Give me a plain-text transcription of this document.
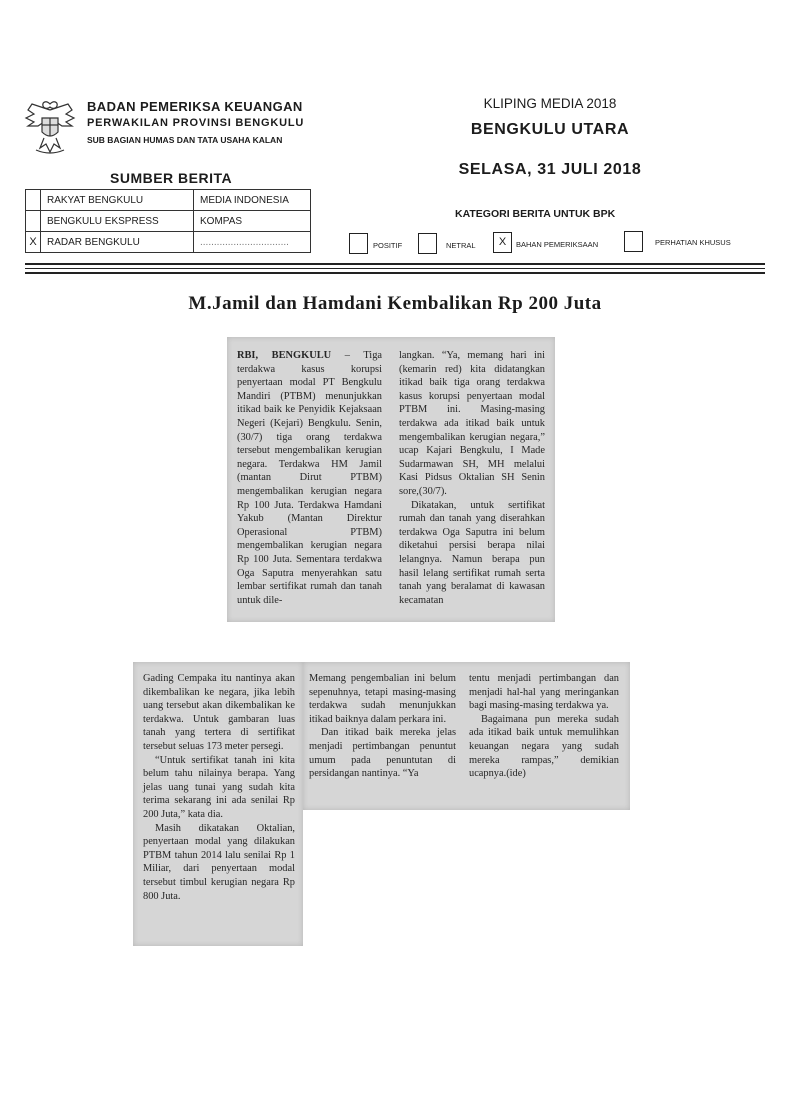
BADAN PEMERIKSA KEUANGAN
PERWAKILAN PROVINSI BENGKULU
SUB BAGIAN HUMAS DAN TATA USAHA KALAN
KLIPING MEDIA 2018
BENGKULU UTARA
SELASA, 31 JULI 2018
SUMBER BERITA
	RAKYAT BENGKULU	MEDIA INDONESIA
	BENGKULU EKSPRESS	KOMPAS
X	RADAR BENGKULU	................................
KATEGORI BERITA UNTUK BPK
POSITIF	NETRAL	X	BAHAN PEMERIKSAAN	PERHATIAN KHUSUS
M.Jamil dan Hamdani Kembalikan Rp 200 Juta

RBI, BENGKULU – Tiga terdakwa kasus korupsi penyertaan modal PT Bengkulu Mandiri (PTBM) menunjukkan itikad baik ke Penyidik Kejaksaan Negeri (Kejari) Bengkulu. Senin, (30/7) tiga orang terdakwa tersebut mengembalikan kerugian negara. Terdakwa HM Jamil (mantan Dirut PTBM) mengembalikan kerugian negara Rp 100 Juta. Terdakwa Hamdani Yakub (Mantan Direktur Operasional PTBM) mengembalikan kerugian negara Rp 100 Juta. Sementara terdakwa Oga Saputra menyerahkan satu lembar sertifikat rumah dan tanah untuk dile-

langkan. “Ya, memang hari ini (kemarin red) kita didatangkan itikad baik tiga orang terdakwa kasus korupsi penyertaan modal PTBM ini. Masing-masing terdakwa ada itikad baik untuk mengembalikan kerugian negara,” ucap Kajari Bengkulu, I Made Sudarmawan SH, MH melalui Kasi Pidsus Oktalian SH Senin sore,(30/7).

Dikatakan, untuk sertifikat rumah dan tanah yang diserahkan terdakwa Oga Saputra ini belum diketahui persisi berapa nilai lelangnya. Namun berapa pun hasil lelang sertifikat rumah serta tanah yang beralamat di kawasan kecamatan

Gading Cempaka itu nantinya akan dikembalikan ke negara, jika lebih uang tersebut akan dikembalikan ke terdakwa. Untuk gambaran luas tanah yang tertera di sertifikat tersebut seluas 173 meter persegi.

“Untuk sertifikat tanah ini kita belum tahu nilainya berapa. Yang jelas uang tunai yang sudah kita terima sekarang ini ada senilai Rp 200 Juta,” kata dia.

Masih dikatakan Oktalian, penyertaan modal yang dilakukan PTBM tahun 2014 lalu senilai Rp 1 Miliar, dari penyertaan modal tersebut timbul kerugian negara Rp 800 Juta.

Memang pengembalian ini belum sepenuhnya, tetapi masing-masing terdakwa sudah menunjukkan itikad baiknya dalam perkara ini.

Dan itikad baik mereka jelas menjadi pertimbangan penuntut umum pada penuntutan di persidangan nantinya. “Ya

tentu menjadi pertimbangan dan menjadi hal-hal yang meringankan bagi masing-masing terdakwa ya.

Bagaimana pun mereka sudah ada itikad baik untuk memulihkan keuangan negara yang sudah mereka rampas,” demikian ucapnya.(ide)
